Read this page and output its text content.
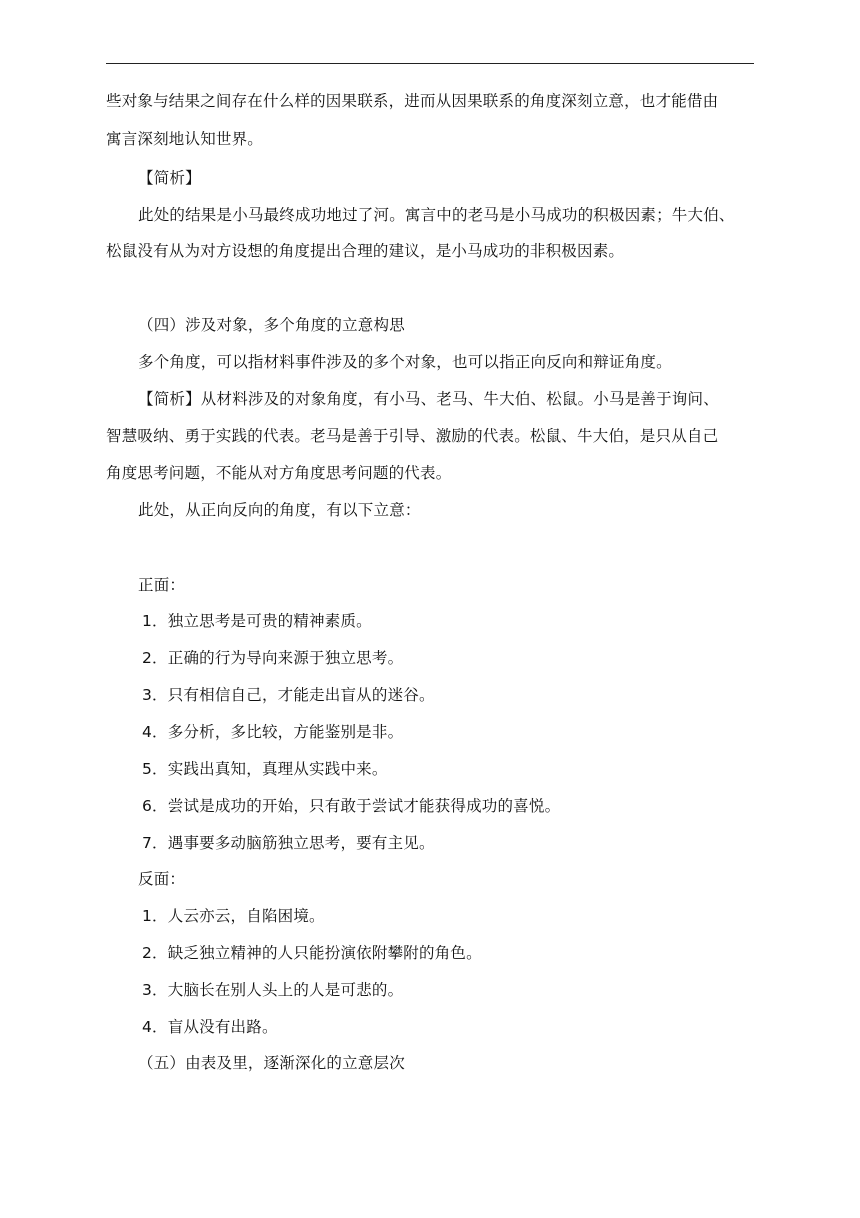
些对象与结果之间存在什么样的因果联系，进而从因果联系的角度深刻立意，也才能借由
寓言深刻地认知世界。
【简析】
此处的结果是小马最终成功地过了河。寓言中的老马是小马成功的积极因素；牛大伯、
松鼠没有从为对方设想的角度提出合理的建议，是小马成功的非积极因素。
（四）涉及对象，多个角度的立意构思
多个角度，可以指材料事件涉及的多个对象，也可以指正向反向和辩证角度。
【简析】从材料涉及的对象角度，有小马、老马、牛大伯、松鼠。小马是善于询问、
智慧吸纳、勇于实践的代表。老马是善于引导、激励的代表。松鼠、牛大伯，是只从自己
角度思考问题，不能从对方角度思考问题的代表。
此处，从正向反向的角度，有以下立意：
正面：
1．独立思考是可贵的精神素质。
2．正确的行为导向来源于独立思考。
3．只有相信自己，才能走出盲从的迷谷。
4．多分析，多比较，方能鉴别是非。
5．实践出真知，真理从实践中来。
6．尝试是成功的开始，只有敢于尝试才能获得成功的喜悦。
7．遇事要多动脑筋独立思考，要有主见。
反面：
1．人云亦云，自陷困境。
2．缺乏独立精神的人只能扮演依附攀附的角色。
3．大脑长在别人头上的人是可悲的。
4．盲从没有出路。
（五）由表及里，逐渐深化的立意层次
